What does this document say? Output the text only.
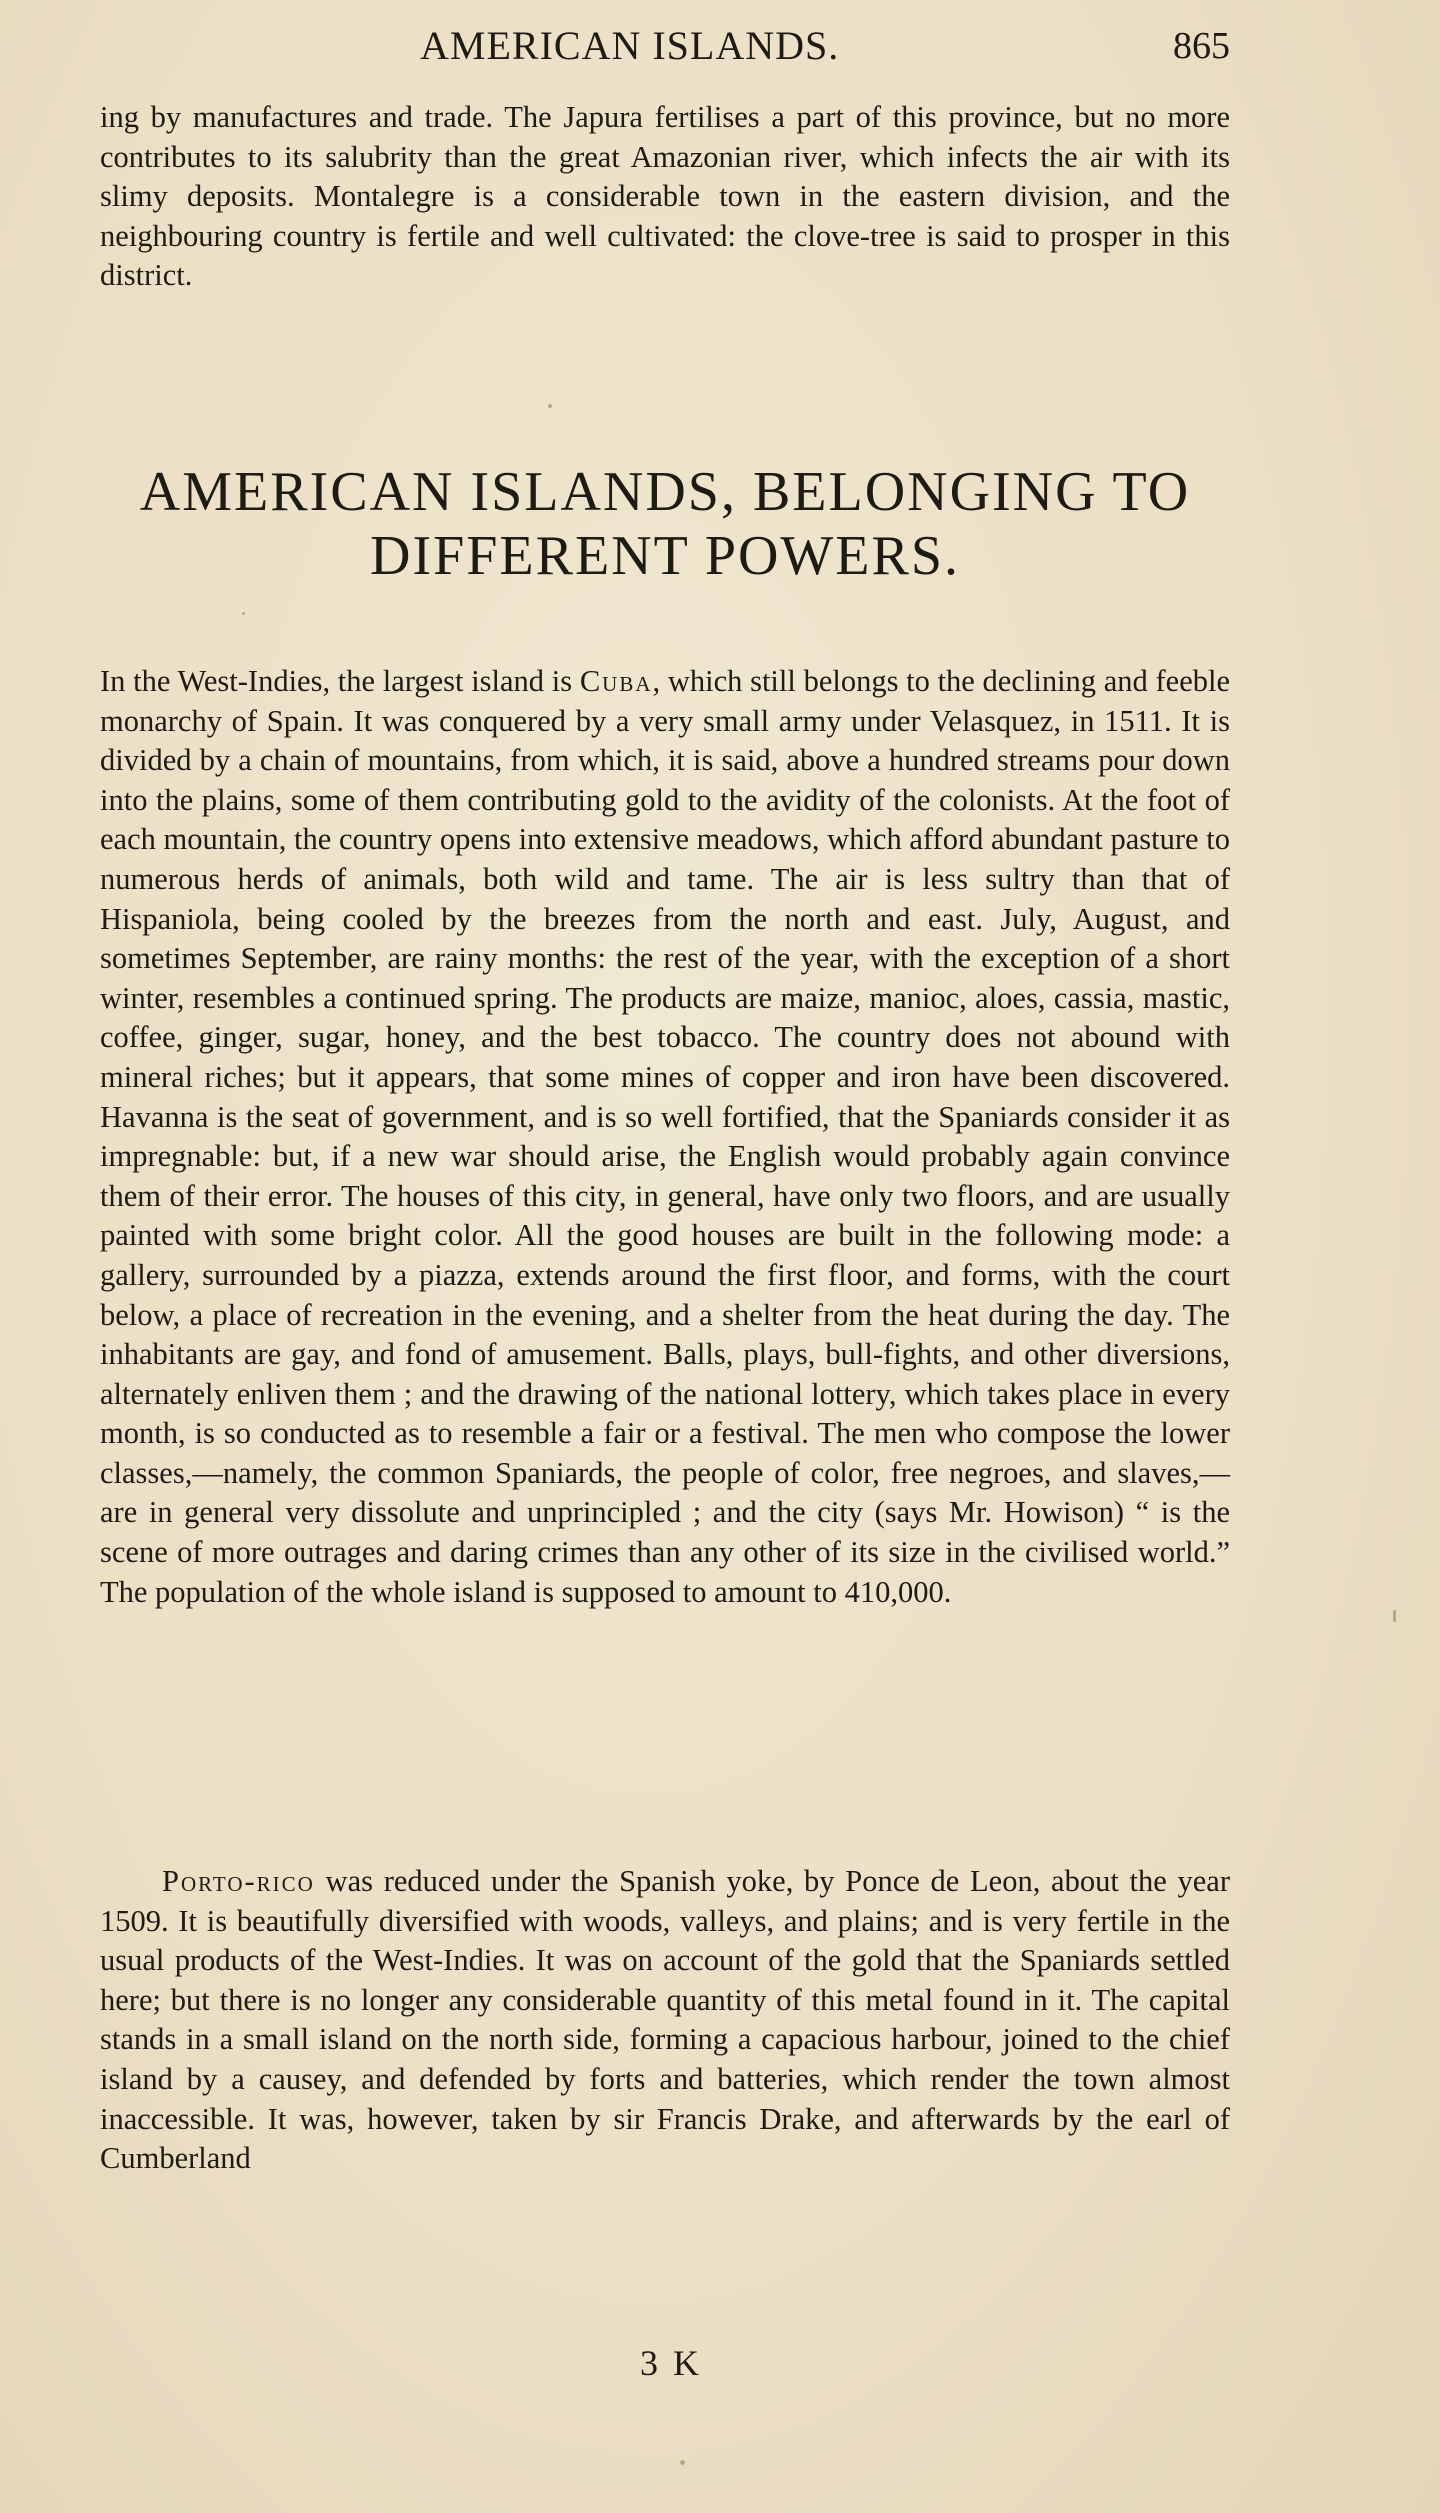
AMERICAN ISLANDS.	865

ing by manufactures and trade. The Japura fertilises a part of this province, but no more contributes to its salubrity than the great Amazonian river, which infects the air with its slimy deposits. Montalegre is a considerable town in the eastern division, and the neighbouring country is fertile and well cultivated: the clove-tree is said to prosper in this district.

AMERICAN ISLANDS, BELONGING TO DIFFERENT POWERS.

In the West-Indies, the largest island is Cuba, which still belongs to the declining and feeble monarchy of Spain. It was conquered by a very small army under Velasquez, in 1511. It is divided by a chain of mountains, from which, it is said, above a hundred streams pour down into the plains, some of them contributing gold to the avidity of the colonists. At the foot of each mountain, the country opens into extensive meadows, which afford abundant pasture to numerous herds of animals, both wild and tame. The air is less sultry than that of Hispaniola, being cooled by the breezes from the north and east. July, August, and sometimes September, are rainy months: the rest of the year, with the exception of a short winter, resembles a continued spring. The products are maize, manioc, aloes, cassia, mastic, coffee, ginger, sugar, honey, and the best tobacco. The country does not abound with mineral riches; but it appears, that some mines of copper and iron have been discovered. Havanna is the seat of government, and is so well fortified, that the Spaniards consider it as impregnable: but, if a new war should arise, the English would probably again convince them of their error. The houses of this city, in general, have only two floors, and are usually painted with some bright color. All the good houses are built in the following mode: a gallery, surrounded by a piazza, extends around the first floor, and forms, with the court below, a place of recreation in the evening, and a shelter from the heat during the day. The inhabitants are gay, and fond of amusement. Balls, plays, bull-fights, and other diversions, alternately enliven them ; and the drawing of the national lottery, which takes place in every month, is so conducted as to resemble a fair or a festival. The men who compose the lower classes,—namely, the common Spaniards, the people of color, free negroes, and slaves,—are in general very dissolute and unprincipled ; and the city (says Mr. Howison) “ is the scene of more outrages and daring crimes than any other of its size in the civilised world.” The population of the whole island is supposed to amount to 410,000.

Porto-rico was reduced under the Spanish yoke, by Ponce de Leon, about the year 1509. It is beautifully diversified with woods, valleys, and plains; and is very fertile in the usual products of the West-Indies. It was on account of the gold that the Spaniards settled here; but there is no longer any considerable quantity of this metal found in it. The capital stands in a small island on the north side, forming a capacious harbour, joined to the chief island by a causey, and defended by forts and batteries, which render the town almost inaccessible. It was, however, taken by sir Francis Drake, and afterwards by the earl of Cumberland

3 K
